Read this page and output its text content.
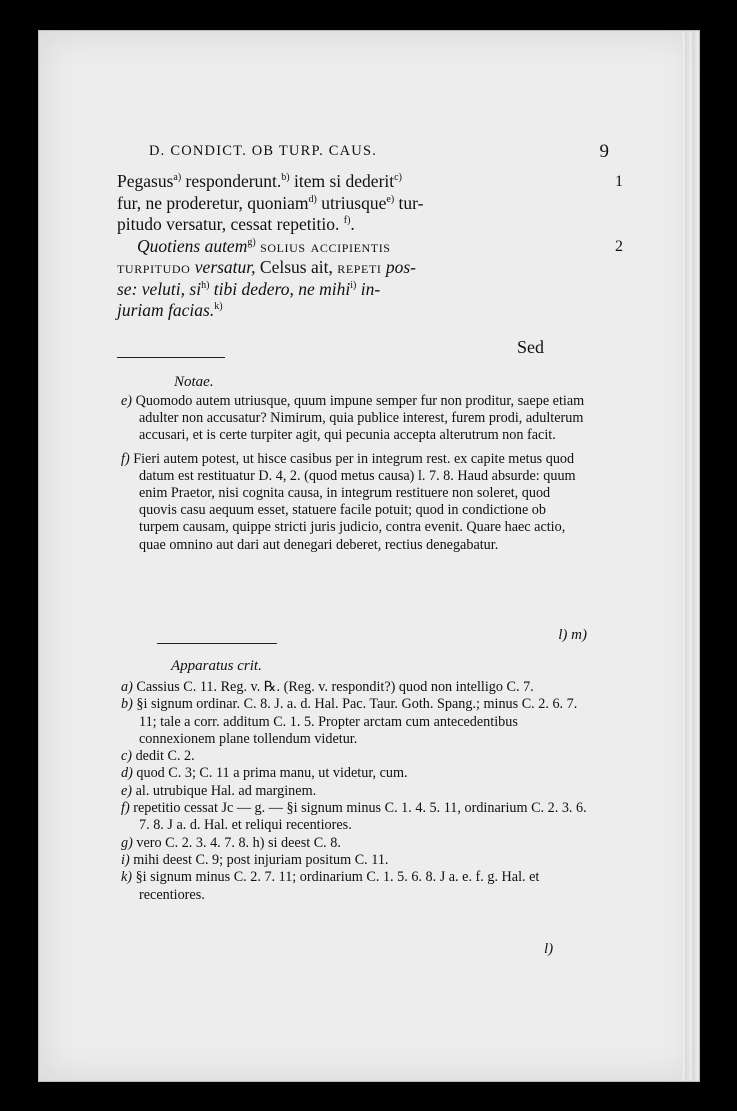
D. CONDICT. OB TURP. CAUS.	9
Pegasus$^{a)}$ responderunt.$^{b)}$ item si dederit$^{c)}$	1
fur, ne proderetur, quoniam$^{d)}$ utriusque$^{e)}$ tur-
pitudo versatur, cessat repetitio. $^{f)}$.
Quotiens autem$^{g)}$ solius accipientis	2
turpitudo versatur, Celsus ait, repeti pos-
se: veluti, $si^{h)}$ tibi dedero, ne mihi$^{i)}$ in-
juriam facias.$^{k)}$
Sed
Notae.

e) Quomodo autem utriusque, quum impune semper fur non proditur, saepe etiam adulter non accusatur? Nimirum, quia publice interest, furem prodi, adulterum accusari, et is certe turpiter agit, qui pecunia accepta alterutrum non facit.

f) Fieri autem potest, ut hisce casibus per in integrum rest. ex capite metus quod datum est restituatur D. 4, 2. (quod metus causa) l. 7. 8. Haud absurde: quum enim Praetor, nisi cognita causa, in integrum restituere non soleret, quod quovis casu aequum esset, statuere facile potuit; quod in condictione ob turpem causam, quippe stricti juris judicio, contra evenit. Quare haec actio, quae omnino aut dari aut denegari deberet, rectius denegabatur.

l) m)
Apparatus crit.

a) Cassius C. 11. Reg. v. ℞. (Reg. v. respondit?) quod non intelligo C. 7.

b) §i signum ordinar. C. 8. J. a. d. Hal. Pac. Taur. Goth. Spang.; minus C. 2. 6. 7. 11; tale a corr. additum C. 1. 5. Propter arctam cum antecedentibus connexionem plane tollendum videtur.

c) dedit C. 2.

d) quod C. 3; C. 11 a prima manu, ut videtur, cum.

e) al. utrubique Hal. ad marginem.

f) repetitio cessat Jc — g. — §i signum minus C. 1. 4. 5. 11, ordinarium C. 2. 3. 6. 7. 8. J a. d. Hal. et reliqui recentiores.

g) vero C. 2. 3. 4. 7. 8. h) si deest C. 8.

i) mihi deest C. 9; post injuriam positum C. 11.

k) §i signum minus C. 2. 7. 11; ordinarium C. 1. 5. 6. 8. J a. e. f. g. Hal. et recentiores.

l)
